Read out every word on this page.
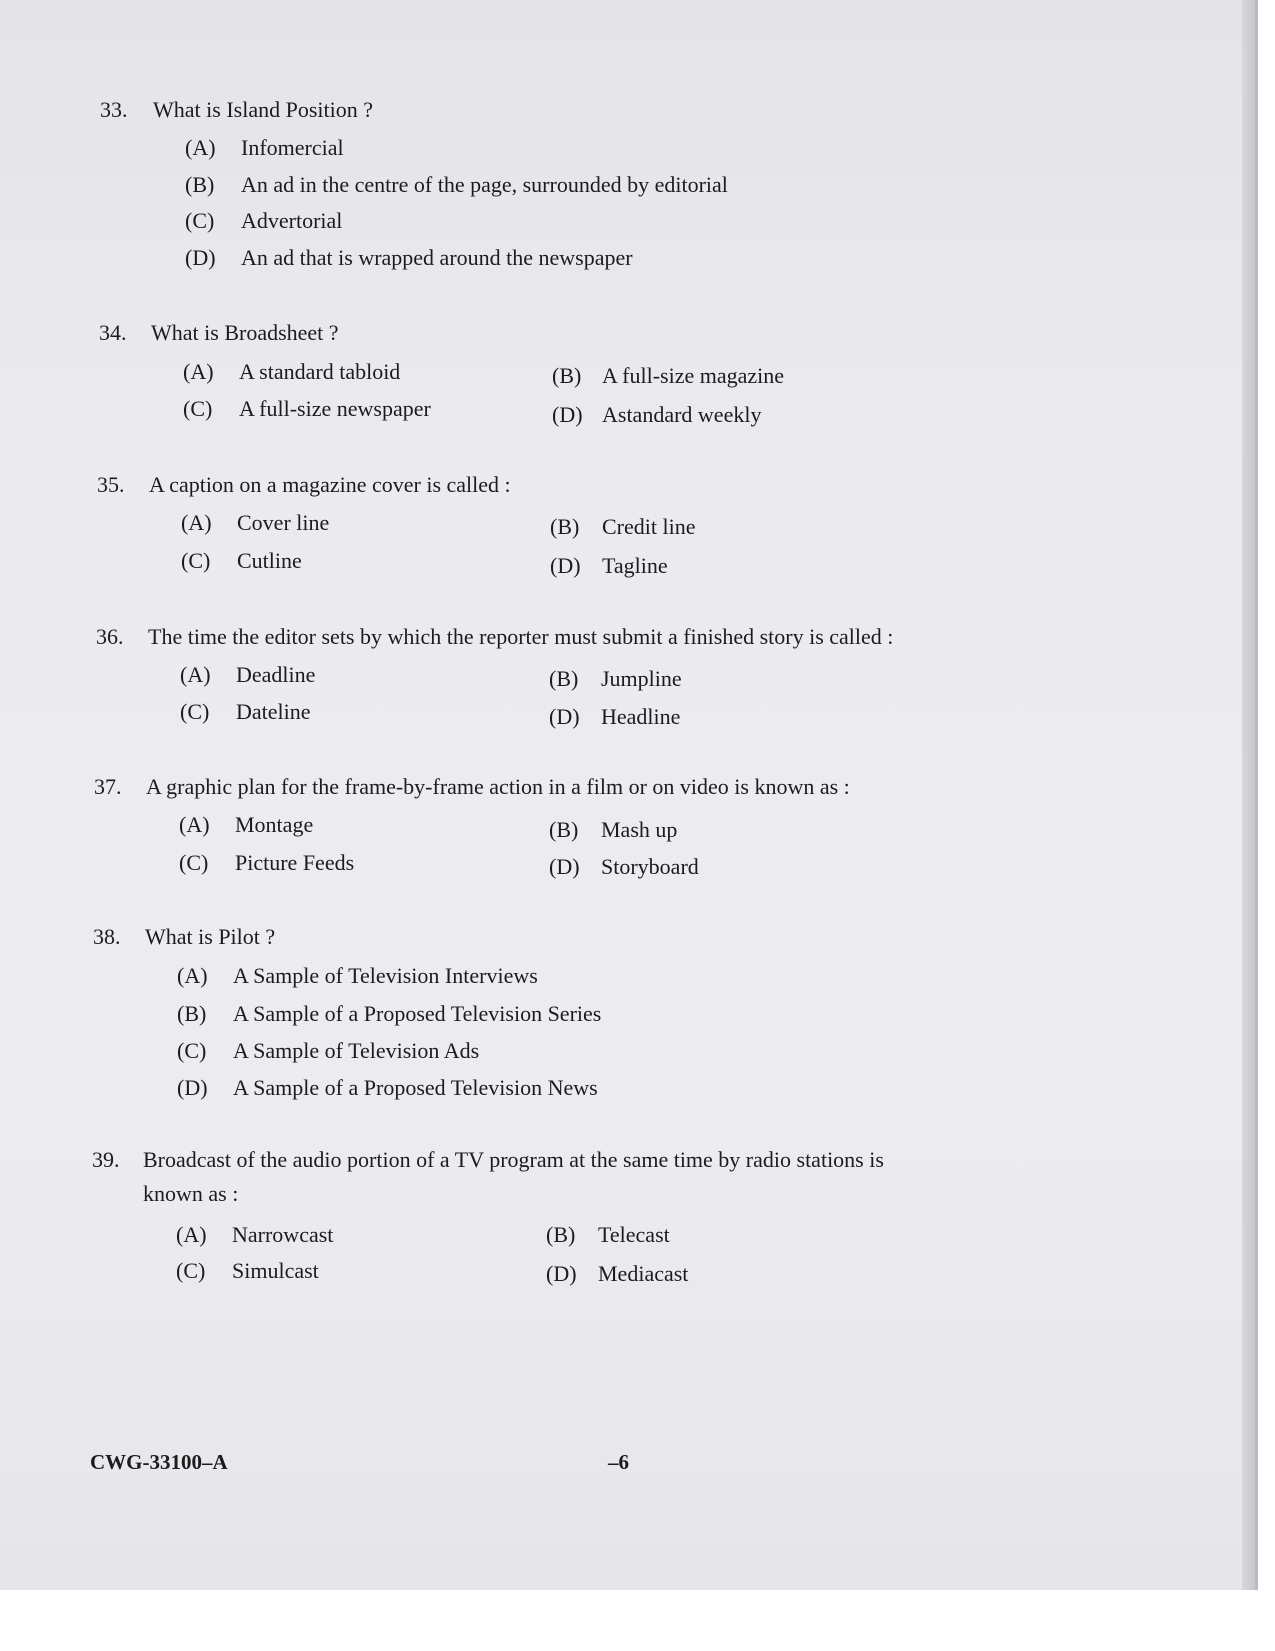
33.	What is Island Position ?
(A) Infomercial
(B) An ad in the centre of the page, surrounded by editorial
(C) Advertorial
(D) An ad that is wrapped around the newspaper
34.	What is Broadsheet ?
(A) A standard tabloid	(B) A full-size magazine
(C) A full-size newspaper	(D) Astandard weekly
35.	A caption on a magazine cover is called :
(A) Cover line	(B) Credit line
(C) Cutline	(D) Tagline
36.	The time the editor sets by which the reporter must submit a finished story is called :
(A) Deadline	(B) Jumpline
(C) Dateline	(D) Headline
37.	A graphic plan for the frame-by-frame action in a film or on video is known as :
(A) Montage	(B) Mash up
(C) Picture Feeds	(D) Storyboard
38.	What is Pilot ?
(A) A Sample of Television Interviews
(B) A Sample of a Proposed Television Series
(C) A Sample of Television Ads
(D) A Sample of a Proposed Television News
39.	Broadcast of the audio portion of a TV program at the same time by radio stations is known as :
(A) Narrowcast	(B) Telecast
(C) Simulcast	(D) Mediacast
CWG-33100–A	–6
